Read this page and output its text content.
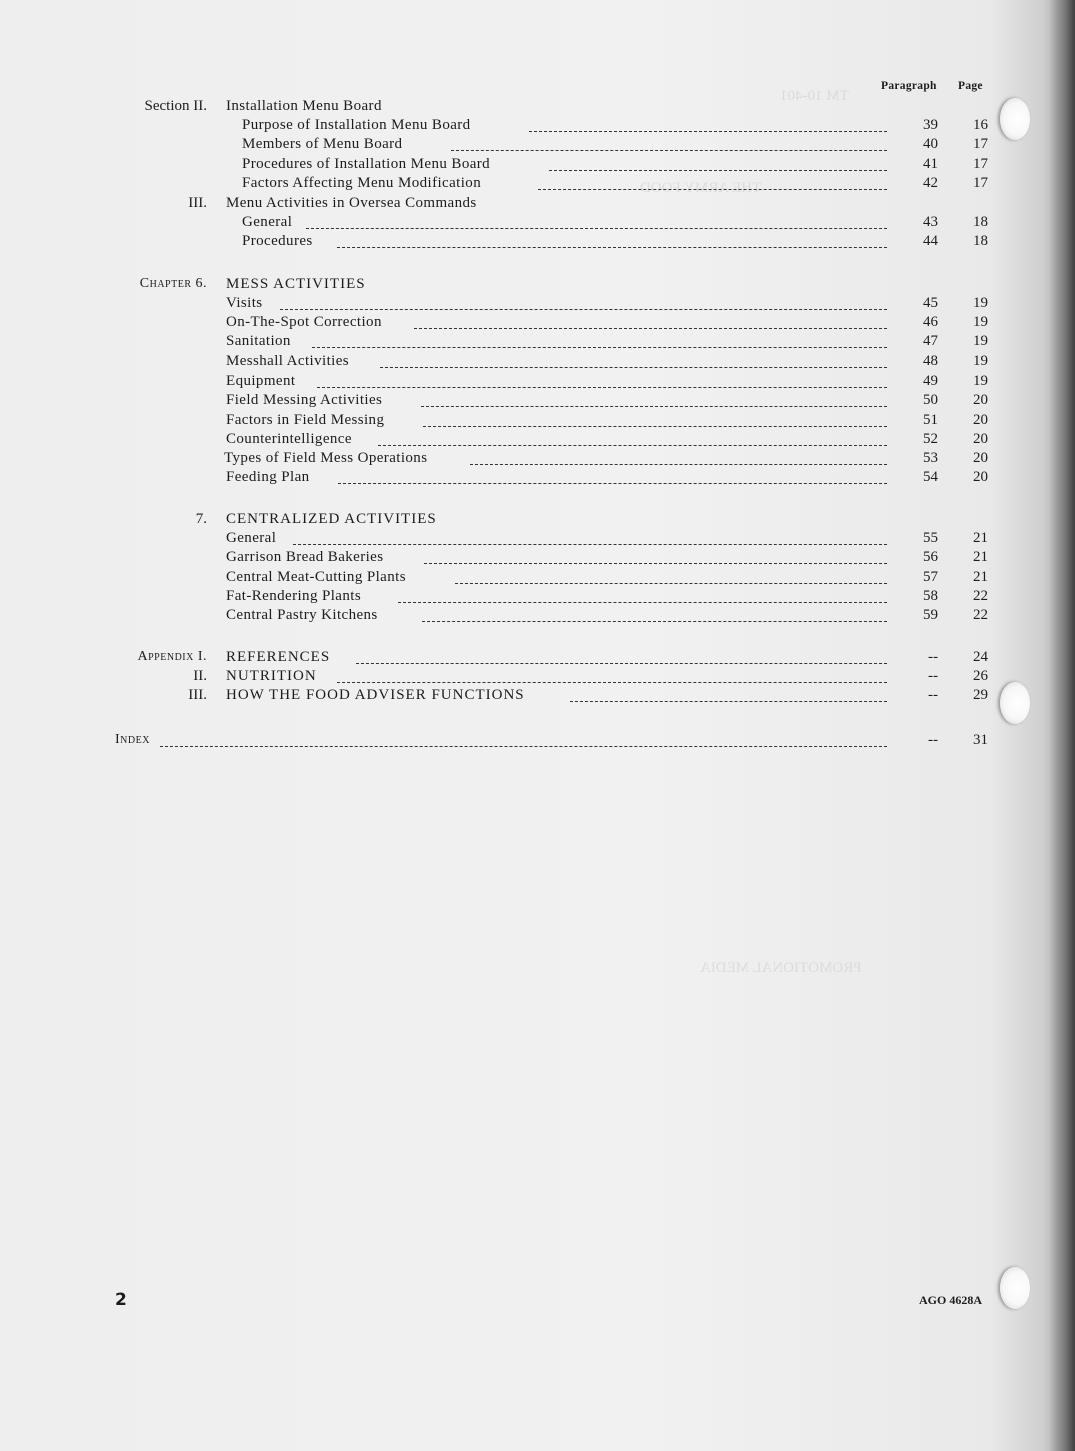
TM 10-401
THE ARMY FOOD
PROMOTIONAL MEDIA
Paragraph Page
Section II. Installation Menu Board
Purpose of Installation Menu Board	39	16
Members of Menu Board	40	17
Procedures of Installation Menu Board	41	17
Factors Affecting Menu Modification	42	17
III. Menu Activities in Oversea Commands
General	43	18
Procedures	44	18
Chapter 6. MESS ACTIVITIES
Visits	45	19
On-The-Spot Correction	46	19
Sanitation	47	19
Messhall Activities	48	19
Equipment	49	19
Field Messing Activities	50	20
Factors in Field Messing	51	20
Counterintelligence	52	20
Types of Field Mess Operations	53	20
Feeding Plan	54	20
7. CENTRALIZED ACTIVITIES
General	55	21
Garrison Bread Bakeries	56	21
Central Meat-Cutting Plants	57	21
Fat-Rendering Plants	58	22
Central Pastry Kitchens	59	22
Appendix I. REFERENCES	--	24
II. NUTRITION	--	26
III. HOW THE FOOD ADVISER FUNCTIONS	--	29
Index	--	31
2	AGO 4628A
